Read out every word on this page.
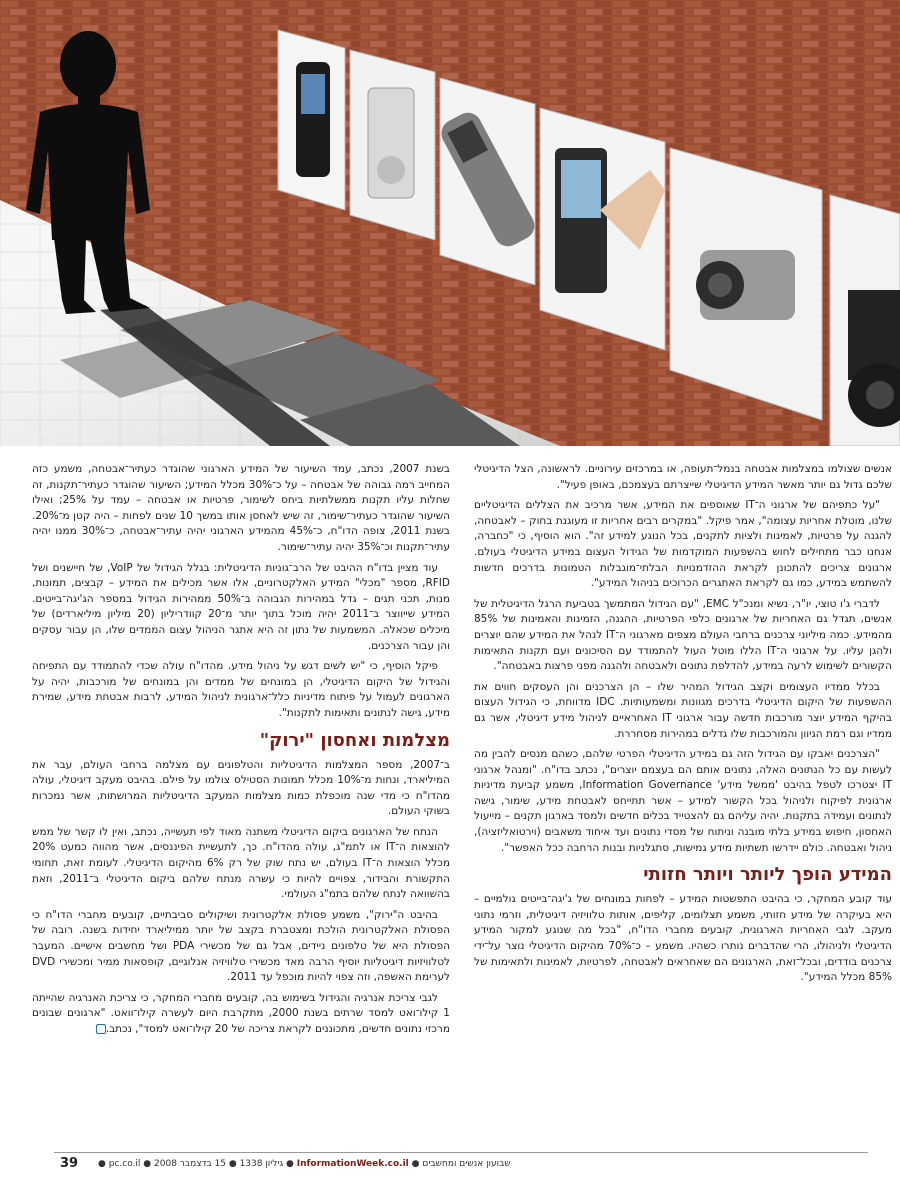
אנשים שצולמו במצלמות אבטחה בנמל־תעופה, או במרכזים עירוניים. לראשונה, הצל הדיגיטלי שלכם גדול גם יותר מאשר המידע הדיגיטלי שייצרתם בעצמכם, באופן פעיל".

"על כתפיהם של ארגוני ה־IT שאוספים את המידע, אשר מרכיב את הצללים הדיגיטליים שלנו, מוטלת אחריות עצומה", אמר פיקל. "במקרים רבים אחריות זו מעוגנת בחוק – לאבטחה, להגנה על פרטיות, לאמינות ולציות לתקנים, בכל הנוגע למידע זה". הוא הוסיף, כי "כחברה, אנחנו כבר מתחילים לחוש בהשפעות המוקדמות של הגידול העצום במידע הדיגיטלי בעולם. ארגונים צריכים להתכונן לקראת ההזדמנויות הבלתי־מוגבלות הטמונות בדרכים חדשות להשתמש במידע, כמו גם לקראת האתגרים הכרוכים בניהול המידע".

לדברי ג'ו טוצי, יו"ר, נשיא ומנכ"ל EMC, "עם הגידול המתמשך בטביעת הרגל הדיגיטלית של אנשים, תגדל גם האחריות של ארגונים כלפי הפרטיות, ההגנה, הזמינות והאמינות של 85% מהמידע. כמה מיליוני צרכנים ברחבי העולם מצפים מארגוני ה־IT לנהל את המידע שהם יוצרים ולהגן עליו. על ארגוני ה־IT הללו מוטל העול להתמודד עם הסיכונים ועם תקנות התאימות הקשורים לשימוש לרעה במידע, להדלפת נתונים ולאבטחה ולהגנה מפני פרצות באבטחה".

בכלל ממדיו העצומים וקצב הגידול המהיר שלו – הן הצרכנים והן העסקים חווים את ההשפעות של היקום הדיגיטלי בדרכים מגוונות ומשמעותיות. IDC מדווחת, כי הגידול העצום בהיקף המידע יוצר מורכבות חדשה עבור ארגוני IT האחראיים לניהול מידע דיגיטלי, אשר גם ממדיו וגם רמת הגיוון והמורכבות שלו גדלים במהירות מסחררת.

"הצרכנים יאבקו עם הגידול הזה גם במידע הדיגיטלי הפרטי שלהם, כשהם מנסים להבין מה לעשות עם כל הנתונים האלה, נתונים אותם הם בעצמם יוצרים", נכתב בדו"ח. "ומנהל ארגוני IT יצטרכו לטפל בהיבט 'ממשל מידע' Information Governance, משמע קביעת מדיניות ארגונית לפיקוח ולניהול בכל הקשור למידע – אשר תתייחס לאבטחת מידע, שימור, גישה לנתונים ועמידה בתקנות. יהיה עליהם גם להצטייד בכלים חדשים ולמסד בארגון תקנים – מייעול האחסון, חיפוש במידע בלתי מובנה וניתוח של מסדי נתונים ועד איחוד משאבים (וירטואליזציה), ניהול ואבטחה. כולם יידרשו תשתיות מידע גמישות, סתגלניות ובנות הרחבה ככל האפשר".

המידע הופך ליותר ויותר חזותי

עוד קובע המחקר, כי בהיבט התפשטות המידע – לפחות במונחים של ג'יגה־בייטים גולמיים – היא בעיקרה של מידע חזותי, משמע תצלומים, קליפים, אותות טלוויזיה דיגיטלית, וזרמי נתוני מעקב. לגבי האחריות הארגונית, קובעים מחברי הדו"ח, "בכל מה שנוגע למקור המידע הדיגיטלי ולניהולו, הרי שהדברים נותרו כשהיו. משמע – כ־70% מהיקום הדיגיטלי נוצר על־ידי צרכנים בודדים, ובכל־זאת, הארגונים הם שאחראים לאבטחה, לפרטיות, לאמינות ולתאימות של 85% מכלל המידע".

בשנת 2007, נכתב, עמד השיעור של המידע הארגוני שהוגדר כעתיר־אבטחה, משמע כזה המחייב רמה גבוהה של אבטחה – על כ־30% מכלל המידע; השיעור שהוגדר כעתיר־תקנות, זה שחלות עליו תקנות ממשלתיות ביחס לשימור, פרטיות או אבטחה – עמד על 25%; ואילו השיעור שהוגדר כעתיר־שימור, זה שיש לאחסן אותו במשך 10 שנים לפחות – היה קטן מ־20%. בשנת 2011, צופה הדו"ח, כ־45% מהמידע הארגוני יהיה עתיר־אבטחה, כ־30% ממנו יהיה עתיר־תקנות וכ־35% יהיה עתיר־שימור.

עוד מציין בדו"ח ההיבט של הרב־גוניות הדיגיטלית: בגלל הגידול של VoIP, של חיישנים ושל RFID, מספר "מכלי" המידע האלקטרוניים, אלו אשר מכילים את המידע – קבצים, תמונות, מנות, תכני תגים – גדל במהירות הגבוהה ב־50% ממהירות הגידול במספר הג'יגה־בייטים. המידע שייווצר ב־2011 יהיה מוכל בתוך יותר מ־20 קוודריליון (20 מיליון מיליארדים) של מיכלים שכאלה. המשמעות של נתון זה היא אתגר הניהול עצום הממדים שלו, הן עבור עסקים והן עבור הצרכנים.

פיקל הוסיף, כי "יש לשים דגש על ניהול מידע. מהדו"ח עולה שכדי להתמודד עם התפיחה והגידול של היקום הדיגיטלי, הן במונחים של ממדים והן במונחים של מורכבות, יהיה על הארגונים לעמול על פיתוח מדיניות כלל־ארגונית לניהול המידע, לרבות אבטחת מידע, שמירת מידע, גישה לנתונים ותאימות לתקנות".

מצלמות ואחסון "ירוק"

ב־2007, מספר המצלמות הדיגיטליות והטלפונים עם מצלמה ברחבי העולם, עבר את המיליארד, ונחות מ־10% מכלל תמונות הסטילס צולמו על פילם. בהיבט מעקב דיגיטלי, עולה מהדו"ח כי מדי שנה מוכפלת כמות מצלמות המעקב הדיגיטליות המרושתות, אשר נמכרות בשוקי העולם.

הנתח של הארגונים ביקום הדיגיטלי משתנה מאוד לפי תעשייה, נכתב, ואין לו קשר של ממש להוצאות ה־IT או לתמ"ג, עולה מהדו"ח. כך, לתעשיית הפיננסים, אשר מהווה כמעט 20% מכלל הוצאות ה־IT בעולם, יש נתח שוק של רק 6% מהיקום הדיגיטלי. לעומת זאת, תחומי התקשורת והבידור, צפויים להיות כי עשרה מנתח שלהם ביקום הדיגיטלי ב־2011, וזאת בהשוואה לנתח שלהם בתמ"ג העולמי.

בהיבט ה"ירוק", משמע פסולת אלקטרונית ושיקולים סביבתיים, קובעים מחברי הדו"ח כי הפסולת האלקטרונית הולכת ומצטברת בקצב של יותר ממיליארד יחידות בשנה. רובה של הפסולת היא של טלפונים ניידים, אבל גם של מכשירי PDA ושל מחשבים אישיים. המעבר לטלוויזיות דיגיטליות יוסיף הרבה מאד מכשירי טלוויזיה אנלוגיים, קופסאות ממיר ומכשירי DVD לערימת האשפה, וזה צפוי להיות מוכפל עד 2011.

לגבי צריכת אנרגיה והגידול בשימוש בה, קובעים מחברי המחקר, כי צריכת האנרגיה שהייתה 1 קילו־ואט למסד שרתים בשנת 2000, מתקרבת היום לעשרה קילו־וואט. "ארגונים שבונים מרכזי נתונים חדשים, מתכוננים לקראת צריכה של 20 קילו־ואט למסד", נכתב.

39	שבועון אנשים ומחשבים ● InformationWeek.co.il ● גיליון 1338 ● 15 בדצמבר 2008 ● pc.co.il ●
